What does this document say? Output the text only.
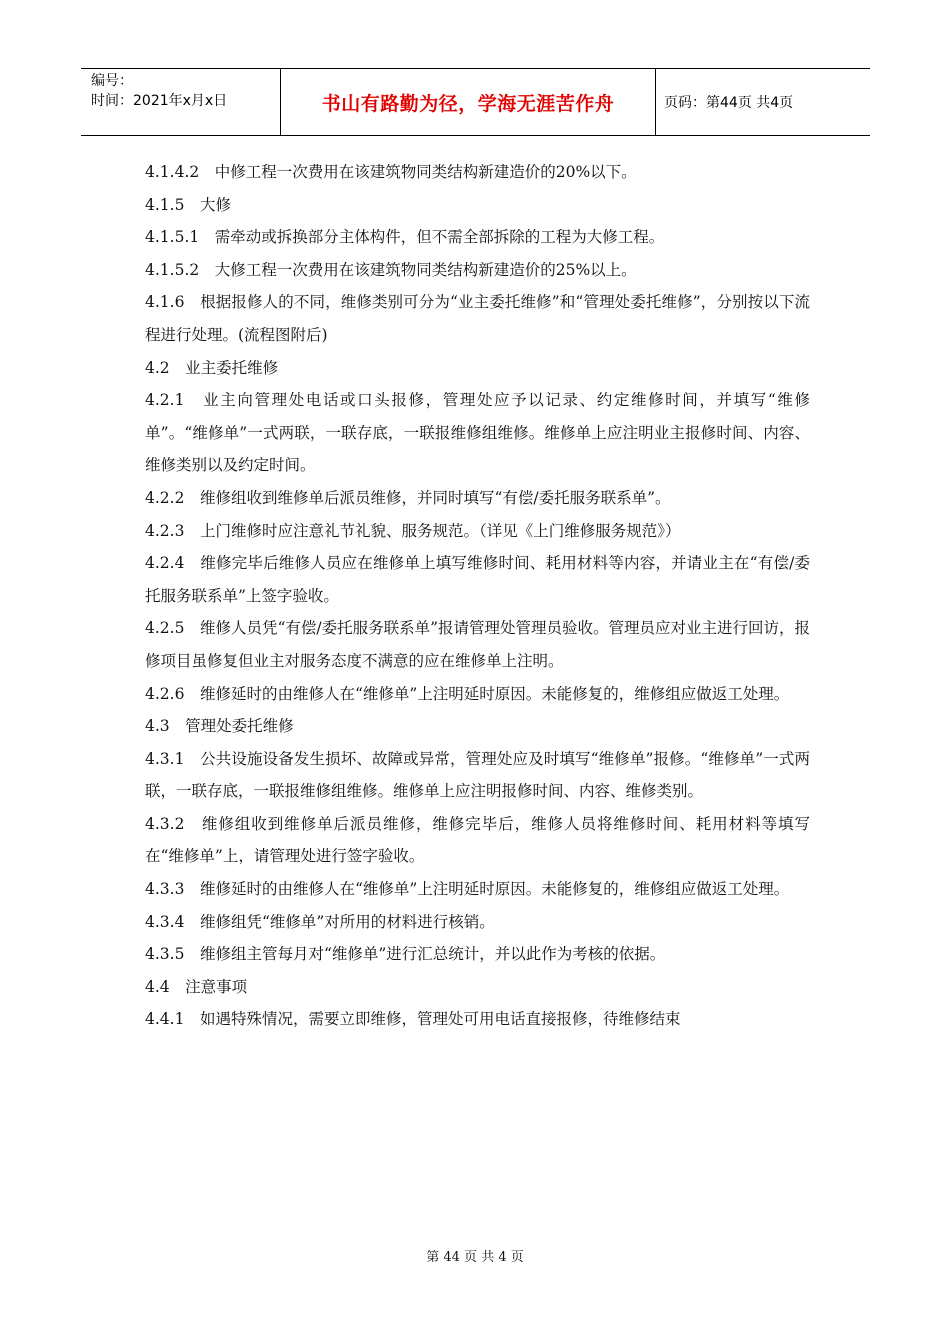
编号：
时间：2021年x月x日	书山有路勤为径，学海无涯苦作舟	页码：第44页 共4页

4.1.4.2　中修工程一次费用在该建筑物同类结构新建造价的20%以下。

4.1.5　大修

4.1.5.1　需牵动或拆换部分主体构件，但不需全部拆除的工程为大修工程。

4.1.5.2　大修工程一次费用在该建筑物同类结构新建造价的25%以上。

4.1.6　根据报修人的不同，维修类别可分为“业主委托维修”和“管理处委托维修”，分别按以下流程进行处理。(流程图附后)

4.2　业主委托维修

4.2.1　业主向管理处电话或口头报修，管理处应予以记录、约定维修时间，并填写“维修单”。“维修单”一式两联，一联存底，一联报维修组维修。维修单上应注明业主报修时间、内容、维修类别以及约定时间。

4.2.2　维修组收到维修单后派员维修，并同时填写“有偿/委托服务联系单”。

4.2.3　上门维修时应注意礼节礼貌、服务规范。（详见《上门维修服务规范》）

4.2.4　维修完毕后维修人员应在维修单上填写维修时间、耗用材料等内容，并请业主在“有偿/委托服务联系单”上签字验收。

4.2.5　维修人员凭“有偿/委托服务联系单”报请管理处管理员验收。管理员应对业主进行回访，报修项目虽修复但业主对服务态度不满意的应在维修单上注明。

4.2.6　维修延时的由维修人在“维修单”上注明延时原因。未能修复的，维修组应做返工处理。

4.3　管理处委托维修

4.3.1　公共设施设备发生损坏、故障或异常，管理处应及时填写“维修单”报修。“维修单”一式两联，一联存底，一联报维修组维修。维修单上应注明报修时间、内容、维修类别。

4.3.2　维修组收到维修单后派员维修，维修完毕后，维修人员将维修时间、耗用材料等填写在“维修单”上，请管理处进行签字验收。

4.3.3　维修延时的由维修人在“维修单”上注明延时原因。未能修复的，维修组应做返工处理。

4.3.4　维修组凭“维修单”对所用的材料进行核销。

4.3.5　维修组主管每月对“维修单”进行汇总统计，并以此作为考核的依据。

4.4　注意事项

4.4.1　如遇特殊情况，需要立即维修，管理处可用电话直接报修，待维修结束

第 44 页 共 4 页
